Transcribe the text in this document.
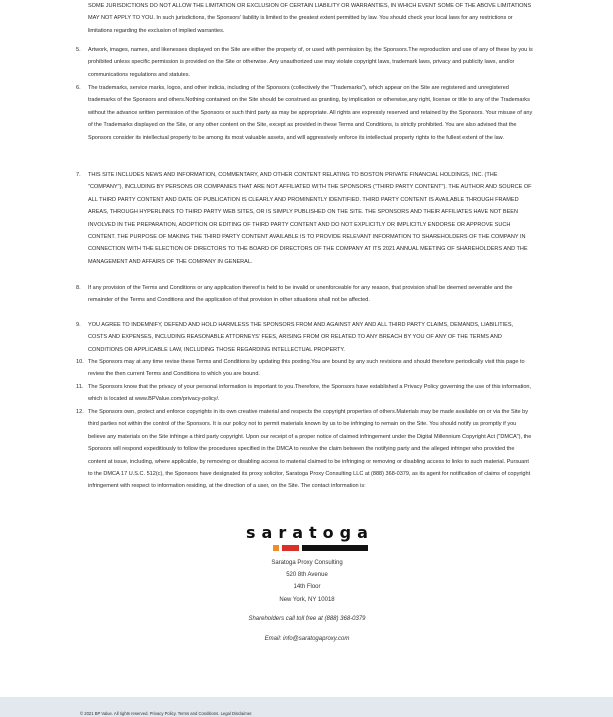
SOME JURISDICTIONS DO NOT ALLOW THE LIMITATION OR EXCLUSION OF CERTAIN LIABILITY OR WARRANTIES, IN WHICH EVENT SOME OF THE ABOVE LIMITATIONS MAY NOT APPLY TO YOU. In such jurisdictions, the Sponsors' liability is limited to the greatest extent permitted by law. You should check your local laws for any restrictions or limitations regarding the exclusion of implied warranties.

5.	Artwork, images, names, and likenesses displayed on the Site are either the property of, or used with permission by, the Sponsors.The reproduction and use of any of these by you is prohibited unless specific permission is provided on the Site or otherwise. Any unauthorized use may violate copyright laws, trademark laws, privacy and publicity laws, and/or communications regulations and statutes.

6.	The trademarks, service marks, logos, and other indicia, including of the Sponsors (collectively the "Trademarks"), which appear on the Site are registered and unregistered trademarks of the Sponsors and others.Nothing contained on the Site should be construed as granting, by implication or otherwise,any right, license or title to any of the Trademarks without the advance written permission of the Sponsors or such third party as may be appropriate. All rights are expressly reserved and retained by the Sponsors. Your misuse of any of the Trademarks displayed on the Site, or any other content on the Site, except as provided in these Terms and Conditions, is strictly prohibited. You are also advised that the Sponsors consider its intellectual property to be among its most valuable assets, and will aggressively enforce its intellectual property rights to the fullest extent of the law.

7.	THIS SITE INCLUDES NEWS AND INFORMATION, COMMENTARY, AND OTHER CONTENT RELATING TO BOSTON PRIVATE FINANCIAL HOLDINGS, INC. (THE "COMPANY"), INCLUDING BY PERSONS OR COMPANIES THAT ARE NOT AFFILIATED WITH THE SPONSORS ("THIRD PARTY CONTENT"). THE AUTHOR AND SOURCE OF ALL THIRD PARTY CONTENT AND DATE OF PUBLICATION IS CLEARLY AND PROMINENTLY IDENTIFIED. THIRD PARTY CONTENT IS AVAILABLE THROUGH FRAMED AREAS, THROUGH HYPERLINKS TO THIRD PARTY WEB SITES, OR IS SIMPLY PUBLISHED ON THE SITE. THE SPONSORS AND THEIR AFFILIATES HAVE NOT BEEN INVOLVED IN THE PREPARATION, ADOPTION OR EDITING OF THIRD PARTY CONTENT AND DO NOT EXPLICITLY OR IMPLICITLY ENDORSE OR APPROVE SUCH CONTENT. THE PURPOSE OF MAKING THE THIRD PARTY CONTENT AVAILABLE IS TO PROVIDE RELEVANT INFORMATION TO SHAREHOLDERS OF THE COMPANY IN CONNECTION WITH THE ELECTION OF DIRECTORS TO THE BOARD OF DIRECTORS OF THE COMPANY AT ITS 2021 ANNUAL MEETING OF SHAREHOLDERS AND THE MANAGEMENT AND AFFAIRS OF THE COMPANY IN GENERAL.

8.	If any provision of the Terms and Conditions or any application thereof is held to be invalid or unenforceable for any reason, that provision shall be deemed severable and the remainder of the Terms and Conditions and the application of that provision in other situations shall not be affected.

9.	YOU AGREE TO INDEMNIFY, DEFEND AND HOLD HARMLESS THE SPONSORS FROM AND AGAINST ANY AND ALL THIRD PARTY CLAIMS, DEMANDS, LIABILITIES, COSTS AND EXPENSES, INCLUDING REASONABLE ATTORNEYS' FEES, ARISING FROM OR RELATED TO ANY BREACH BY YOU OF ANY OF THE TERMS AND CONDITIONS OR APPLICABLE LAW, INCLUDING THOSE REGARDING INTELLECTUAL PROPERTY.

10. The Sponsors may at any time revise these Terms and Conditions by updating this posting.You are bound by any such revisions and should therefore periodically visit this page to review the then current Terms and Conditions to which you are bound.

11. The Sponsors know that the privacy of your personal information is important to you.Therefore, the Sponsors have established a Privacy Policy governing the use of this information, which is located at www.BPValue.com/privacy-policy/.

12. The Sponsors own, protect and enforce copyrights in its own creative material and respects the copyright properties of others.Materials may be made available on or via the Site by third parties not within the control of the Sponsors. It is our policy not to permit materials known by us to be infringing to remain on the Site. You should notify us promptly if you believe any materials on the Site infringe a third party copyright. Upon our receipt of a proper notice of claimed infringement under the Digital Millennium Copyright Act ("DMCA"), the Sponsors will respond expeditiously to follow the procedures specified in the DMCA to resolve the claim between the notifying party and the alleged infringer who provided the content at issue, including, where applicable, by removing or disabling access to material claimed to be infringing or removing or disabling access to links to such material. Pursuant to the DMCA 17 U.S.C. 512(c), the Sponsors have designated its proxy solicitor, Saratoga Proxy Consulting LLC at (888) 368-0379, as its agent for notification of claims of copyright infringement with respect to information residing, at the direction of a user, on the Site. The contact information is:

saratoga
Saratoga Proxy Consulting
520 8th Avenue
14th Floor
New York, NY 10018
Shareholders call toll free at (888) 368-0379
Email: info@saratogaproxy.com
© 2021 BP Value. All rights reserved. Privacy Policy. Terms and Conditions. Legal Disclaimer.
